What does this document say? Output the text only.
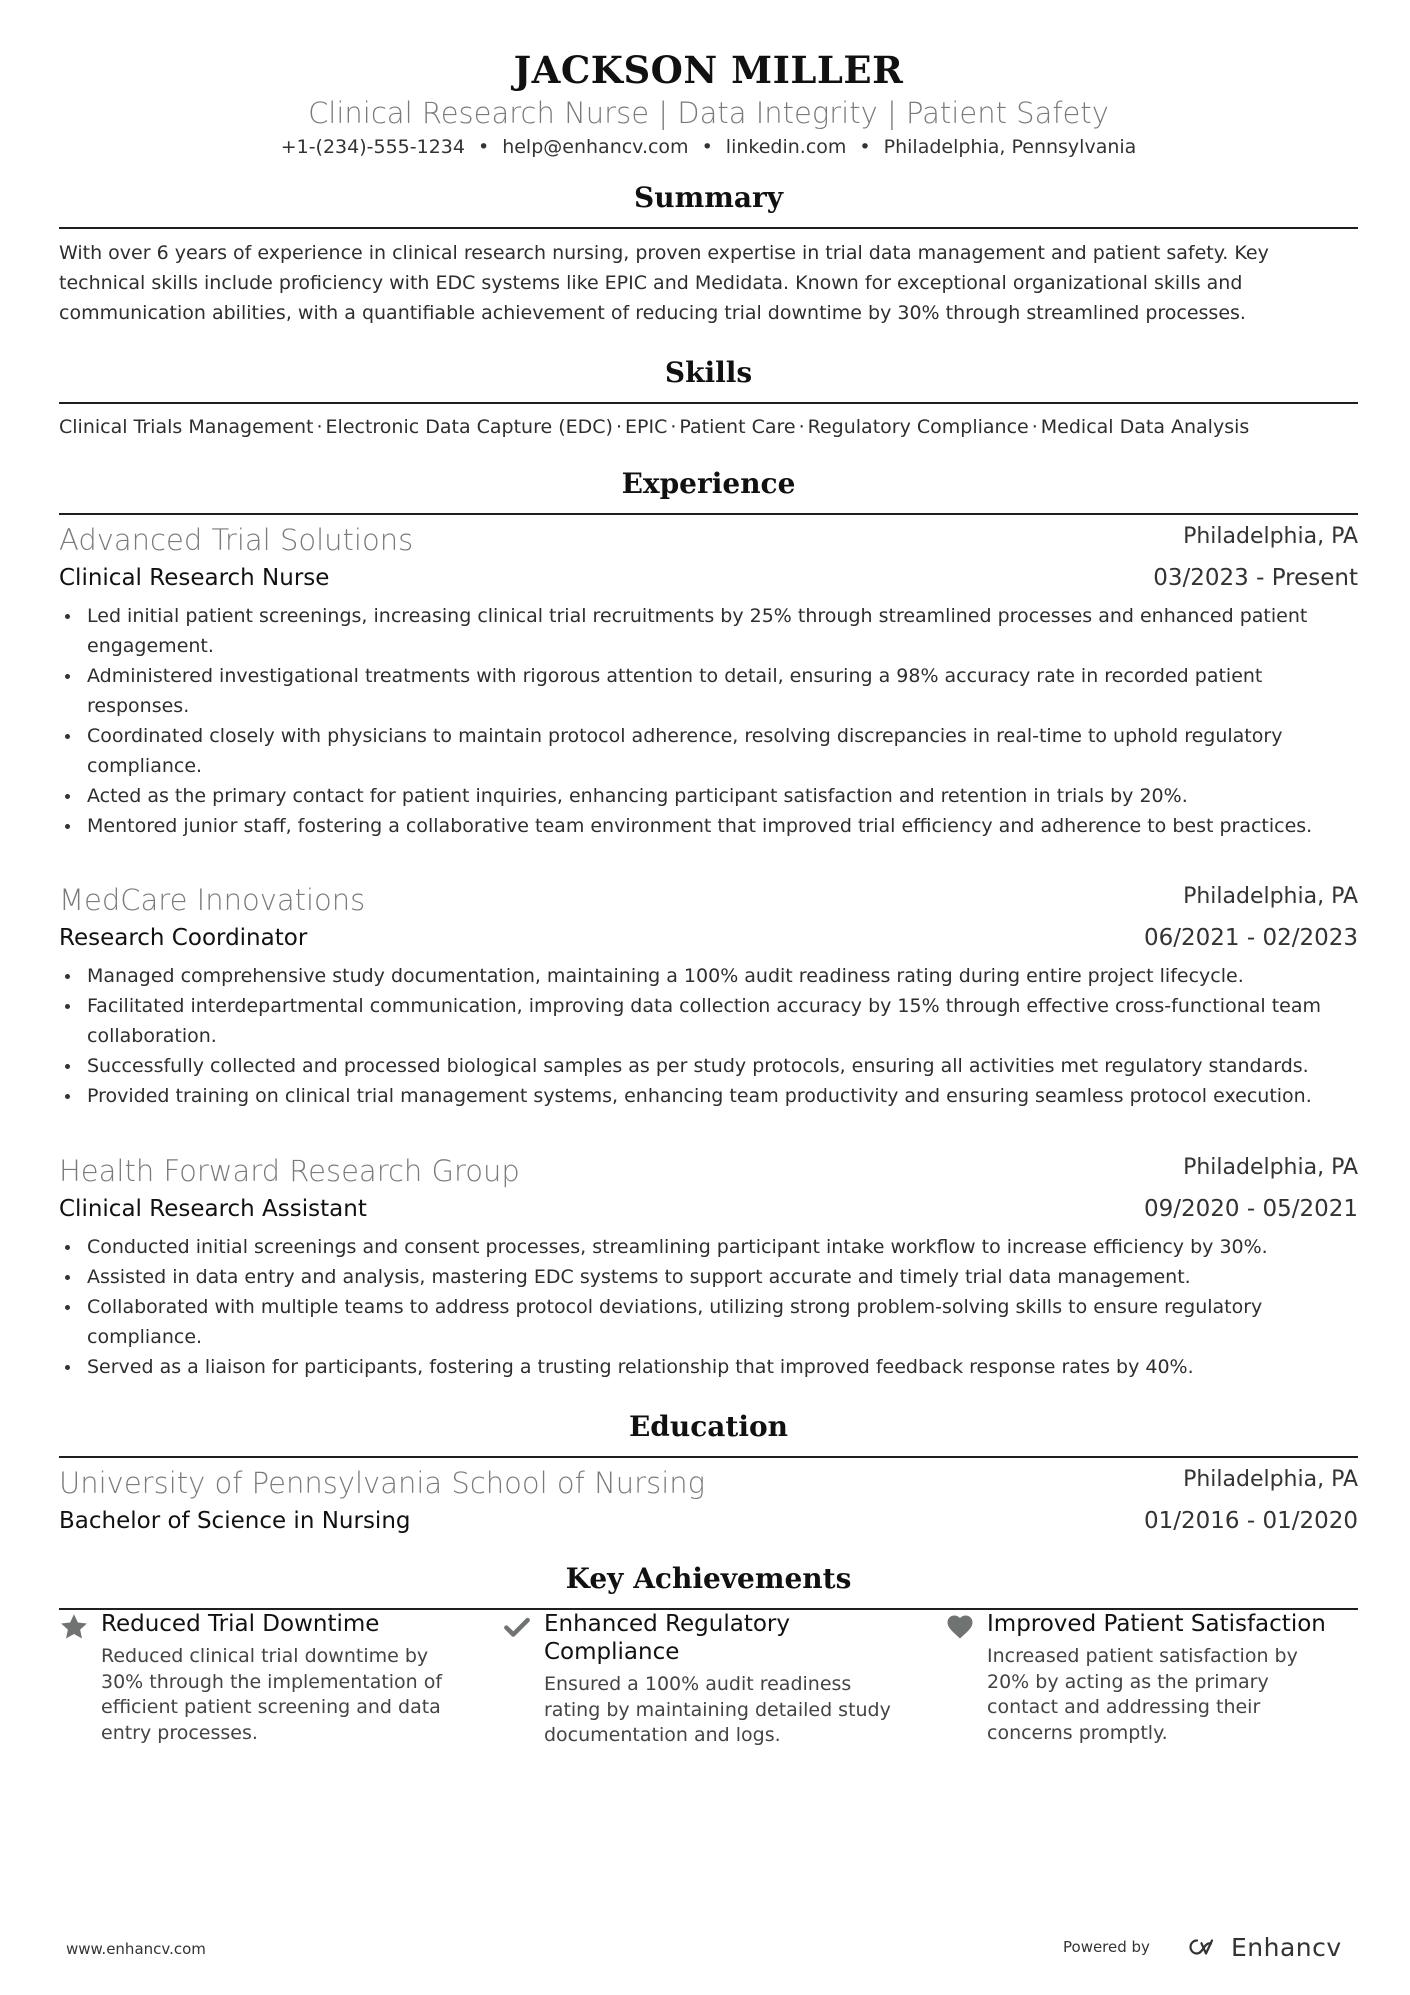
JACKSON MILLER
Clinical Research Nurse | Data Integrity | Patient Safety
+1-(234)-555-1234 • help@enhancv.com • linkedin.com • Philadelphia, Pennsylvania
Summary

With over 6 years of experience in clinical research nursing, proven expertise in trial data management and patient safety. Key technical skills include proficiency with EDC systems like EPIC and Medidata. Known for exceptional organizational skills and communication abilities, with a quantifiable achievement of reducing trial downtime by 30% through streamlined processes.

Skills
Clinical Trials Management · Electronic Data Capture (EDC) · EPIC · Patient Care · Regulatory Compliance · Medical Data Analysis
Experience
Advanced Trial Solutions	Philadelphia, PA
Clinical Research Nurse	03/2023 - Present
Led initial patient screenings, increasing clinical trial recruitments by 25% through streamlined processes and enhanced patient engagement.
Administered investigational treatments with rigorous attention to detail, ensuring a 98% accuracy rate in recorded patient responses.
Coordinated closely with physicians to maintain protocol adherence, resolving discrepancies in real-time to uphold regulatory compliance.
Acted as the primary contact for patient inquiries, enhancing participant satisfaction and retention in trials by 20%.
Mentored junior staff, fostering a collaborative team environment that improved trial efficiency and adherence to best practices.
MedCare Innovations	Philadelphia, PA
Research Coordinator	06/2021 - 02/2023
Managed comprehensive study documentation, maintaining a 100% audit readiness rating during entire project lifecycle.
Facilitated interdepartmental communication, improving data collection accuracy by 15% through effective cross-functional team collaboration.
Successfully collected and processed biological samples as per study protocols, ensuring all activities met regulatory standards.
Provided training on clinical trial management systems, enhancing team productivity and ensuring seamless protocol execution.
Health Forward Research Group	Philadelphia, PA
Clinical Research Assistant	09/2020 - 05/2021
Conducted initial screenings and consent processes, streamlining participant intake workflow to increase efficiency by 30%.
Assisted in data entry and analysis, mastering EDC systems to support accurate and timely trial data management.
Collaborated with multiple teams to address protocol deviations, utilizing strong problem-solving skills to ensure regulatory compliance.
Served as a liaison for participants, fostering a trusting relationship that improved feedback response rates by 40%.
Education
University of Pennsylvania School of Nursing	Philadelphia, PA
Bachelor of Science in Nursing	01/2016 - 01/2020
Key Achievements
Reduced Trial Downtime
Reduced clinical trial downtime by 30% through the implementation of efficient patient screening and data entry processes.
Enhanced Regulatory Compliance
Ensured a 100% audit readiness rating by maintaining detailed study documentation and logs.
Improved Patient Satisfaction
Increased patient satisfaction by 20% by acting as the primary contact and addressing their concerns promptly.
www.enhancv.com	Powered by	Enhancv
